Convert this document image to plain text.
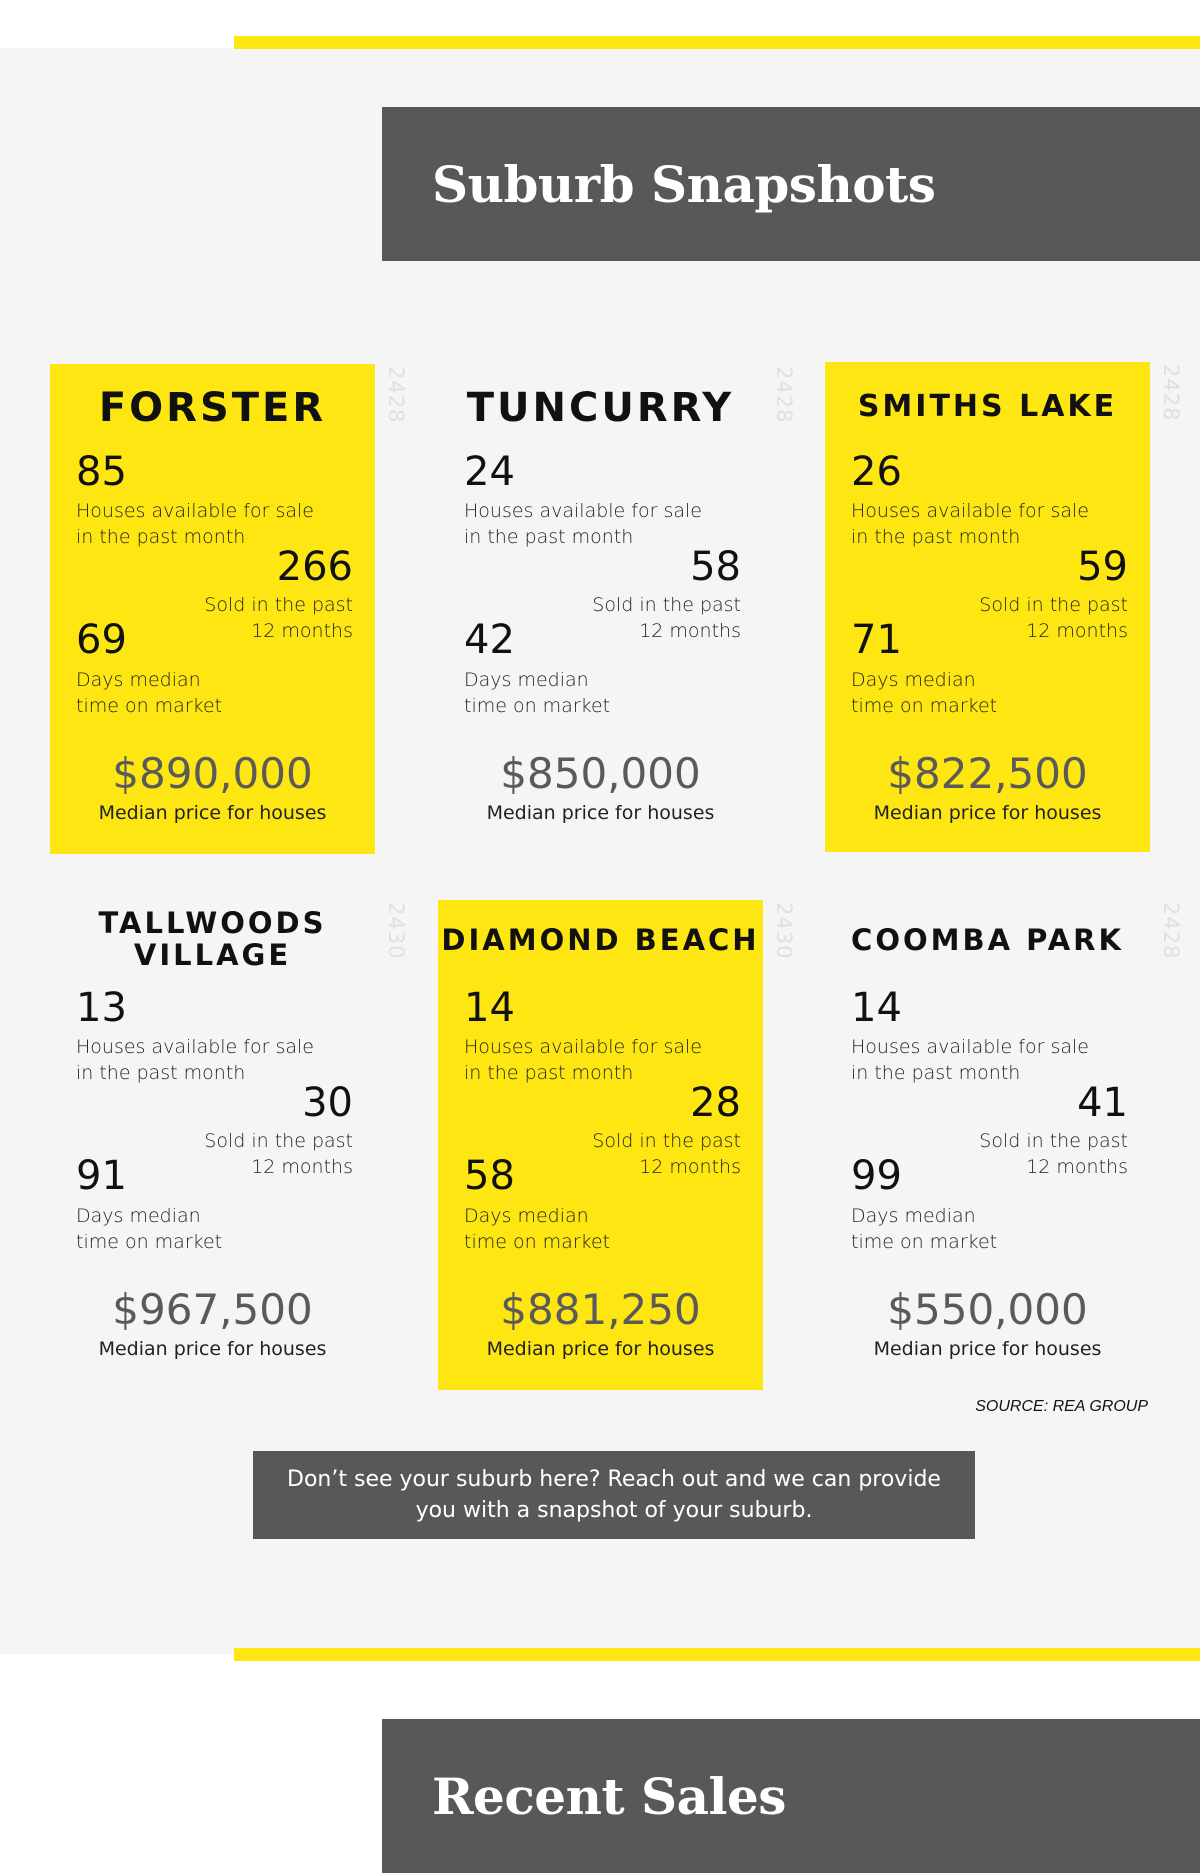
Suburb Snapshots
2428
FORSTER
85
Houses available for sale
in the past month
266
Sold in the past
12 months
69
Days median
time on market
$890,000
Median price for houses
2428
TUNCURRY
24
Houses available for sale
in the past month
58
Sold in the past
12 months
42
Days median
time on market
$850,000
Median price for houses
2428
SMITHS LAKE
26
Houses available for sale
in the past month
59
Sold in the past
12 months
71
Days median
time on market
$822,500
Median price for houses
2430
TALLWOODS
VILLAGE
13
Houses available for sale
in the past month
30
Sold in the past
12 months
91
Days median
time on market
$967,500
Median price for houses
2430
DIAMOND BEACH
14
Houses available for sale
in the past month
28
Sold in the past
12 months
58
Days median
time on market
$881,250
Median price for houses
2428
COOMBA PARK
14
Houses available for sale
in the past month
41
Sold in the past
12 months
99
Days median
time on market
$550,000
Median price for houses
SOURCE: REA GROUP
Don’t see your suburb here? Reach out and we can provide you with a snapshot of your suburb.
Recent Sales
